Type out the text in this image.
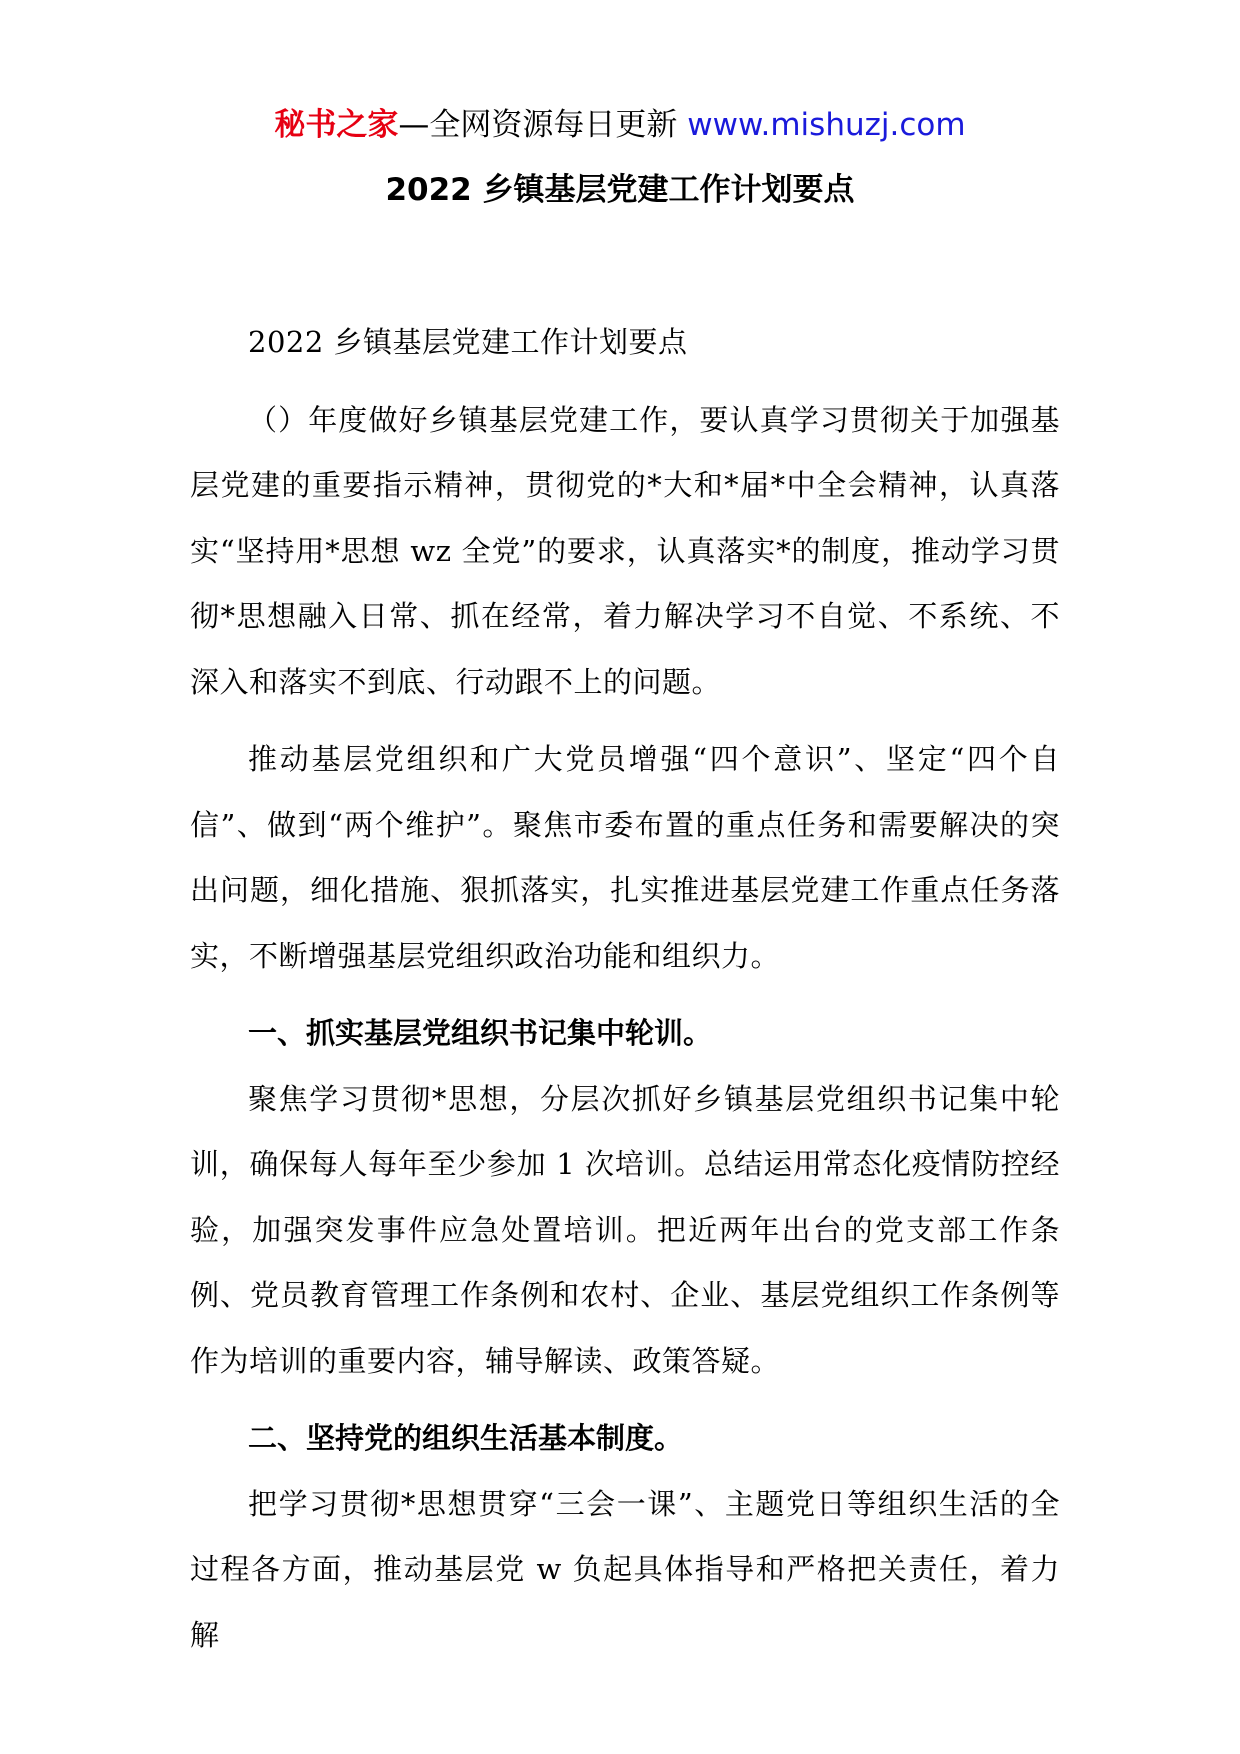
秘书之家—全网资源每日更新 www.mishuzj.com
2022 乡镇基层党建工作计划要点

2022 乡镇基层党建工作计划要点

（）年度做好乡镇基层党建工作，要认真学习贯彻关于加强基层党建的重要指示精神，贯彻党的*大和*届*中全会精神，认真落实“坚持用*思想 wz 全党”的要求，认真落实*的制度，推动学习贯彻*思想融入日常、抓在经常，着力解决学习不自觉、不系统、不深入和落实不到底、行动跟不上的问题。

推动基层党组织和广大党员增强“四个意识”、坚定“四个自信”、做到“两个维护”。聚焦市委布置的重点任务和需要解决的突出问题，细化措施、狠抓落实，扎实推进基层党建工作重点任务落实，不断增强基层党组织政治功能和组织力。

一、抓实基层党组织书记集中轮训。

聚焦学习贯彻*思想，分层次抓好乡镇基层党组织书记集中轮训，确保每人每年至少参加 1 次培训。总结运用常态化疫情防控经验，加强突发事件应急处置培训。把近两年出台的党支部工作条例、党员教育管理工作条例和农村、企业、基层党组织工作条例等作为培训的重要内容，辅导解读、政策答疑。

二、坚持党的组织生活基本制度。

把学习贯彻*思想贯穿“三会一课”、主题党日等组织生活的全过程各方面，推动基层党 w 负起具体指导和严格把关责任，着力解
